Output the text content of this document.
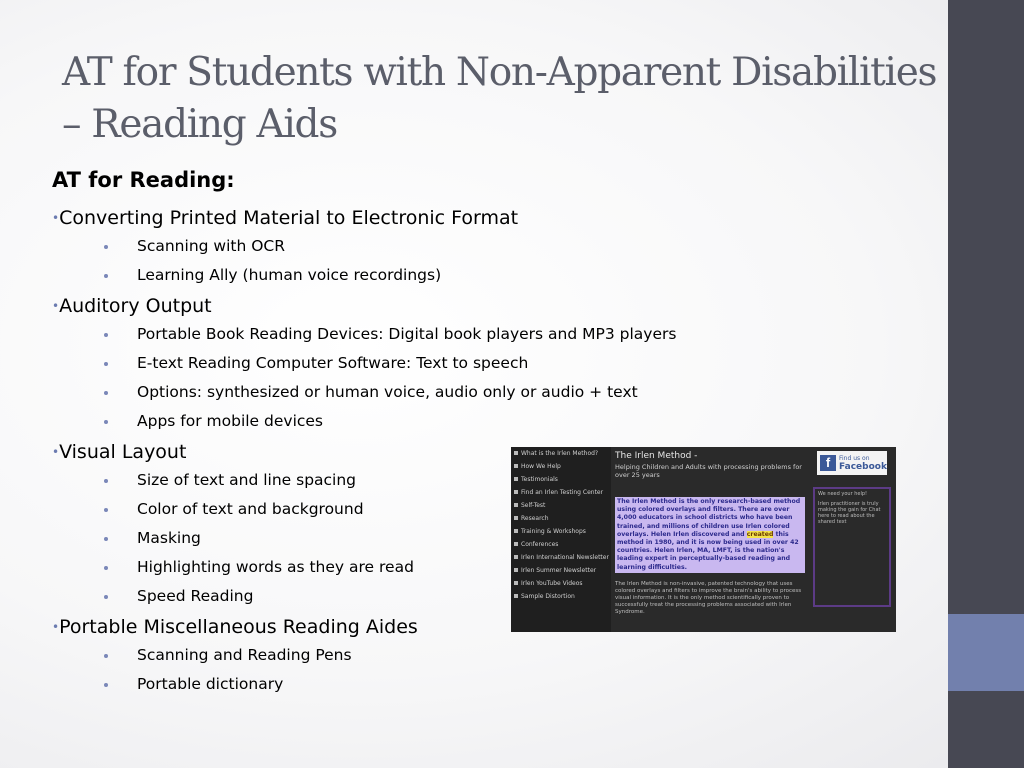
AT for Students with Non-Apparent Disabilities – Reading Aids
AT for Reading:
•Converting Printed Material to Electronic Format
Scanning with OCR
Learning Ally (human voice recordings)
•Auditory Output
Portable Book Reading Devices: Digital book players and MP3 players
E-text Reading Computer Software: Text to speech
Options: synthesized or human voice, audio only or audio + text
Apps for mobile devices
•Visual Layout
Size of text and line spacing
Color of text and background
Masking
Highlighting words as they are read
Speed Reading
•Portable Miscellaneous Reading Aides
Scanning and Reading Pens
Portable dictionary
What is the Irlen Method?
How We Help
Testimonials
Find an Irlen Testing Center
Self-Test
Research
Training & Workshops
Conferences
Irlen International Newsletter
Irlen Summer Newsletter
Irlen YouTube Videos
Sample Distortion
The Irlen Method -
Helping Children and Adults with processing problems for over 25 years
The Irlen Method is the only research-based method using colored overlays and filters. There are over 4,000 educators in school districts who have been trained, and millions of children use Irlen colored overlays. Helen Irlen discovered and created this method in 1980, and it is now being used in over 42 countries. Helen Irlen, MA, LMFT, is the nation's leading expert in perceptually-based reading and learning difficulties.
The Irlen Method is non-invasive, patented technology that uses colored overlays and filters to improve the brain's ability to process visual information. It is the only method scientifically proven to successfully treat the processing problems associated with Irlen Syndrome.
f	Find us on
Facebook
We need your help!
Irlen practitioner is truly making the gain for Chat here to read about the shared text
